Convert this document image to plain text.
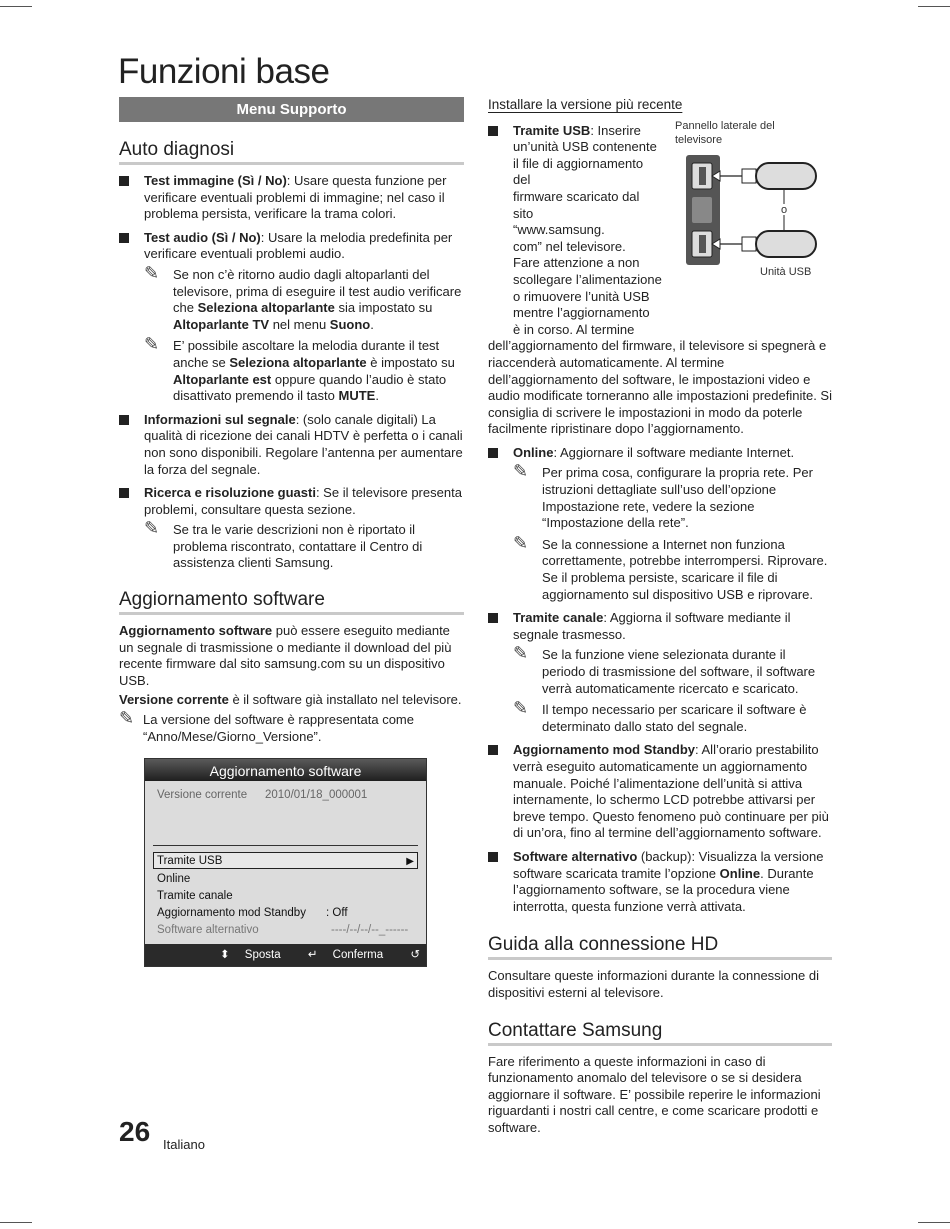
Funzioni base
Menu Supporto
Auto diagnosi
Test immagine (Sì / No): Usare questa funzione per verificare eventuali problemi di immagine; nel caso il problema persista, verificare la trama colori.
Test audio (Sì / No): Usare la melodia predefinita per verificare eventuali problemi audio.
✎ Se non c’è ritorno audio dagli altoparlanti del televisore, prima di eseguire il test audio verificare che Seleziona altoparlante sia impostato su Altoparlante TV nel menu Suono.
✎ E’ possibile ascoltare la melodia durante il test anche se Seleziona altoparlante è impostato su Altoparlante est oppure quando l’audio è stato disattivato premendo il tasto MUTE.
Informazioni sul segnale: (solo canale digitali) La qualità di ricezione dei canali HDTV è perfetta o i canali non sono disponibili. Regolare l’antenna per aumentare la forza del segnale.
Ricerca e risoluzione guasti: Se il televisore presenta problemi, consultare questa sezione.
✎ Se tra le varie descrizioni non è riportato il problema riscontrato, contattare il Centro di assistenza clienti Samsung.
Aggiornamento software

Aggiornamento software può essere eseguito mediante un segnale di trasmissione o mediante il download del più recente firmware dal sito samsung.com su un dispositivo USB.

Versione corrente è il software già installato nel televisore.

✎ La versione del software è rappresentata come “Anno/Mese/Giorno_Versione”.
Aggiornamento software
Versione corrente 2010/01/18_000001
Tramite USB	▶
Online
Tramite canale
Aggiornamento mod Standby : Off
Software alternativo	----/--/--/--_------
⬍ Sposta ↵ Conferma ↺ Ritorna
Installare la versione più recente
Tramite USB: Inserire
un’unità USB contenente
il file di aggiornamento del
firmware scaricato dal sito
“www.samsung.
com” nel televisore.
Fare attenzione a non
scollegare l’alimentazione
o rimuovere l’unità USB
mentre l’aggiornamento
è in corso. Al termine
dell’aggiornamento del firmware, il televisore si spegnerà e riaccenderà automaticamente. Al termine dell’aggiornamento del software, le impostazioni video e audio modificate torneranno alle impostazioni predefinite. Si consiglia di scrivere le impostazioni in modo da poterle facilmente ripristinare dopo l’aggiornamento.
Pannello laterale del televisore
o
Unità USB
Online: Aggiornare il software mediante Internet.
✎ Per prima cosa, configurare la propria rete. Per istruzioni dettagliate sull’uso dell’opzione Impostazione rete, vedere la sezione “Impostazione della rete”.
✎ Se la connessione a Internet non funziona correttamente, potrebbe interrompersi. Riprovare. Se il problema persiste, scaricare il file di aggiornamento sul dispositivo USB e riprovare.
Tramite canale: Aggiorna il software mediante il segnale trasmesso.
✎ Se la funzione viene selezionata durante il periodo di trasmissione del software, il software verrà automaticamente ricercato e scaricato.
✎ Il tempo necessario per scaricare il software è determinato dallo stato del segnale.
Aggiornamento mod Standby: All’orario prestabilito verrà eseguito automaticamente un aggiornamento manuale. Poiché l’alimentazione dell’unità si attiva internamente, lo schermo LCD potrebbe attivarsi per breve tempo. Questo fenomeno può continuare per più di un’ora, fino al termine dell’aggiornamento software.
Software alternativo (backup): Visualizza la versione software scaricata tramite l’opzione Online. Durante l’aggiornamento software, se la procedura viene interrotta, questa funzione verrà attivata.
Guida alla connessione HD

Consultare queste informazioni durante la connessione di dispositivi esterni al televisore.

Contattare Samsung

Fare riferimento a queste informazioni in caso di funzionamento anomalo del televisore o se si desidera aggiornare il software. E’ possibile reperire le informazioni riguardanti i nostri call centre, e come scaricare prodotti e software.

26 Italiano
